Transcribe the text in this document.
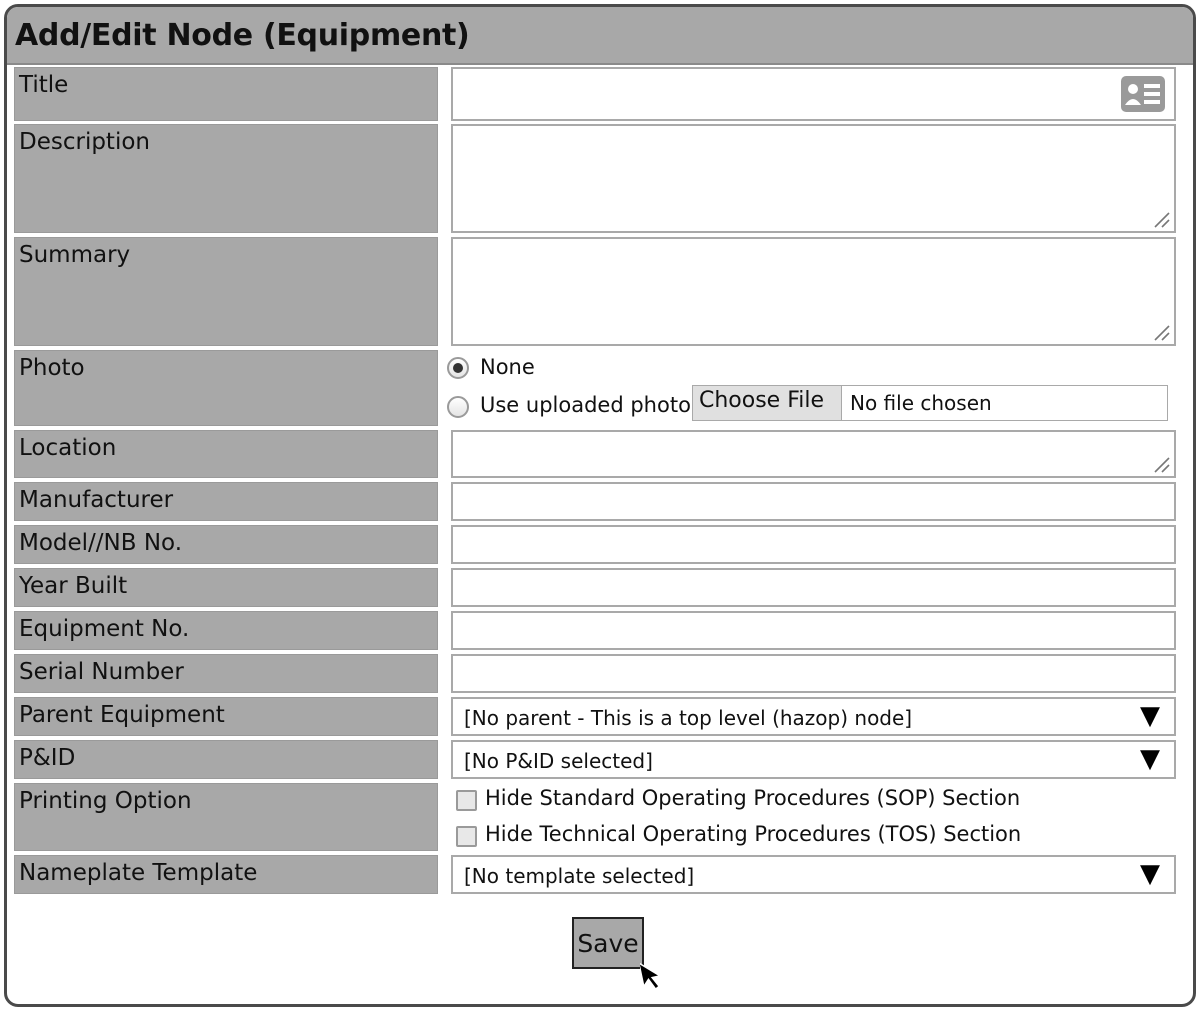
Add/Edit Node (Equipment)
Title
Description
Summary
Photo	None
Use uploaded photo Choose File	No file chosen
Location
Manufacturer
Model//NB No.
Year Built
Equipment No.
Serial Number
Parent Equipment	[No parent - This is a top level (hazop) node]	▼
P&ID	[No P&ID selected]	▼
Printing Option	Hide Standard Operating Procedures (SOP) Section
Hide Technical Operating Procedures (TOS) Section
Nameplate Template	[No template selected]	▼
Save
